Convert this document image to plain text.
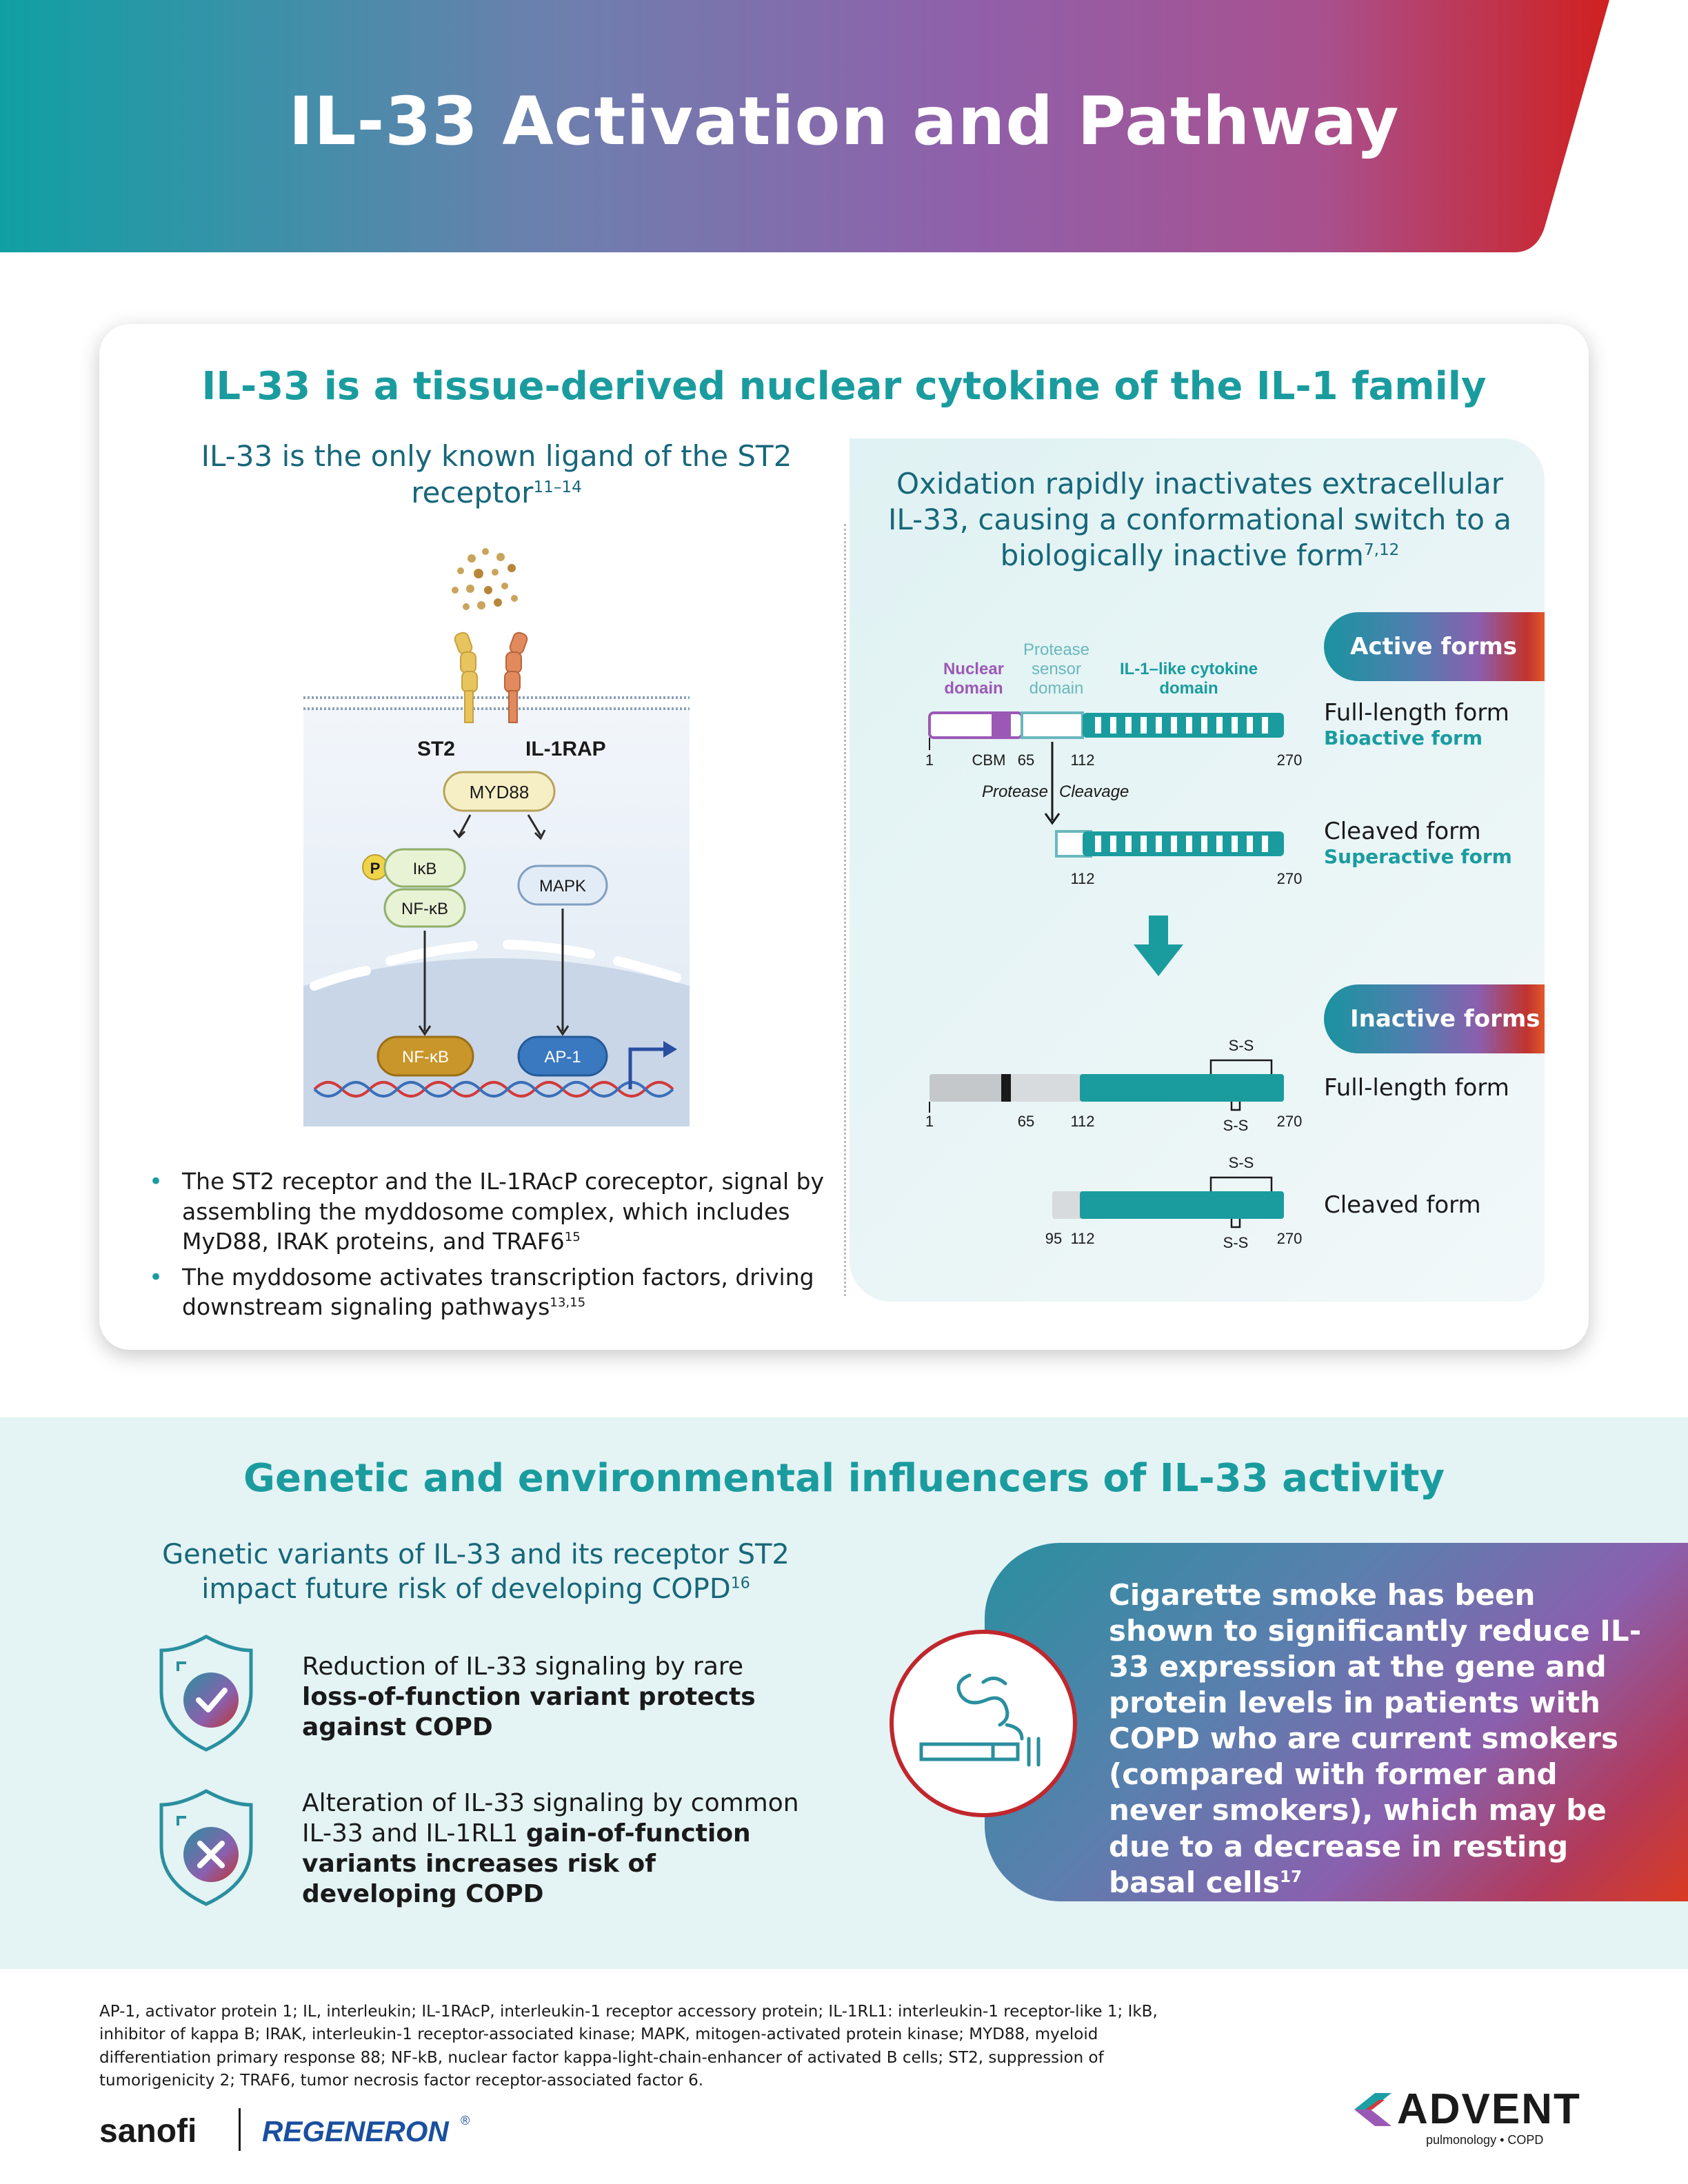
IL-33 Activation and Pathway
IL-33 is a tissue-derived nuclear cytokine of the IL-1 family
IL-33 is the only known ligand of the ST2 receptor$^{11-14}$
ST2	IL-1RAP
MYD88
P IκB
NF-κB
MAPK
NF-κB	AP-1
• The ST2 receptor and the IL-1RAcP coreceptor, signal by assembling the myddosome complex, which includes MyD88, IRAK proteins, and $TRAF6^{15}$
• The myddosome activates transcription factors, driving downstream signaling pathways$^{13,15}$
Oxidation rapidly inactivates extracellular IL-33, causing a conformational switch to a biologically inactive form$^{7,12}$
Active forms
Inactive forms
Nuclear
domain
Protease
sensor
domain
IL-1–like cytokine
domain
1	CBM 65 112	270
Protease Cleavage
112	270
S-S
1	65 112	S-S 270
S-S
95 112	S-S 270
Full-length form
Bioactive form
Cleaved form
Superactive form
Full-length form
Cleaved form
Genetic and environmental influencers of IL-33 activity
Genetic variants of IL-33 and its receptor ST2 impact future risk of developing COPD$^{16}$
Reduction of IL-33 signaling by rare loss-of-function variant protects against COPD
Alteration of IL-33 signaling by common IL-33 and IL-1RL1 gain-of-function variants increases risk of developing COPD
Cigarette smoke has been shown to significantly reduce IL-33 expression at the gene and protein levels in patients with COPD who are current smokers (compared with former and never smokers), which may be due to a decrease in resting basal cells$^{17}$
AP-1, activator protein 1; IL, interleukin; IL-1RAcP, interleukin-1 receptor accessory protein; IL-1RL1: interleukin-1 receptor-like 1; IkB, inhibitor of kappa B; IRAK, interleukin-1 receptor-associated kinase; MAPK, mitogen-activated protein kinase; MYD88, myeloid differentiation primary response 88; NF-kB, nuclear factor kappa-light-chain-enhancer of activated B cells; ST2, suppression of tumorigenicity 2; TRAF6, tumor necrosis factor receptor-associated factor 6.
sanofi REGENERON ®	ADVENT
pulmonology • COPD
